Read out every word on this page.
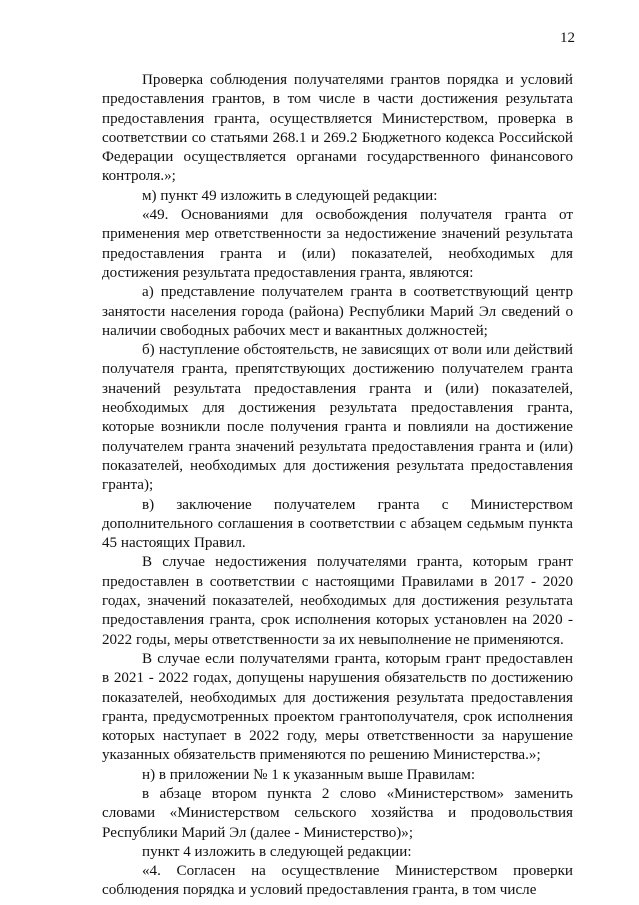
12

Проверка соблюдения получателями грантов порядка и условий предоставления грантов, в том числе в части достижения результата предоставления гранта, осуществляется Министерством, проверка в соответствии со статьями 268.1 и 269.2 Бюджетного кодекса Российской Федерации осуществляется органами государственного финансового контроля.»;

м) пункт 49 изложить в следующей редакции:

«49. Основаниями для освобождения получателя гранта от применения мер ответственности за недостижение значений результата предоставления гранта и (или) показателей, необходимых для достижения результата предоставления гранта, являются:

а) представление получателем гранта в соответствующий центр занятости населения города (района) Республики Марий Эл сведений о наличии свободных рабочих мест и вакантных должностей;

б) наступление обстоятельств, не зависящих от воли или действий получателя гранта, препятствующих достижению получателем гранта значений результата предоставления гранта и (или) показателей, необходимых для достижения результата предоставления гранта, которые возникли после получения гранта и повлияли на достижение получателем гранта значений результата предоставления гранта и (или) показателей, необходимых для достижения результата предоставления гранта);

в) заключение получателем гранта с Министерством дополнительного соглашения в соответствии с абзацем седьмым пункта 45 настоящих Правил.

В случае недостижения получателями гранта, которым грант предоставлен в соответствии с настоящими Правилами в 2017 - 2020 годах, значений показателей, необходимых для достижения результата предоставления гранта, срок исполнения которых установлен на 2020 - 2022 годы, меры ответственности за их невыполнение не применяются.

В случае если получателями гранта, которым грант предоставлен в 2021 - 2022 годах, допущены нарушения обязательств по достижению показателей, необходимых для достижения результата предоставления гранта, предусмотренных проектом грантополучателя, срок исполнения которых наступает в 2022 году, меры ответственности за нарушение указанных обязательств применяются по решению Министерства.»;

н) в приложении № 1 к указанным выше Правилам:

в абзаце втором пункта 2 слово «Министерством» заменить словами «Министерством сельского хозяйства и продовольствия Республики Марий Эл (далее - Министерство)»;

пункт 4 изложить в следующей редакции:

«4. Согласен на осуществление Министерством проверки соблюдения порядка и условий предоставления гранта, в том числе
